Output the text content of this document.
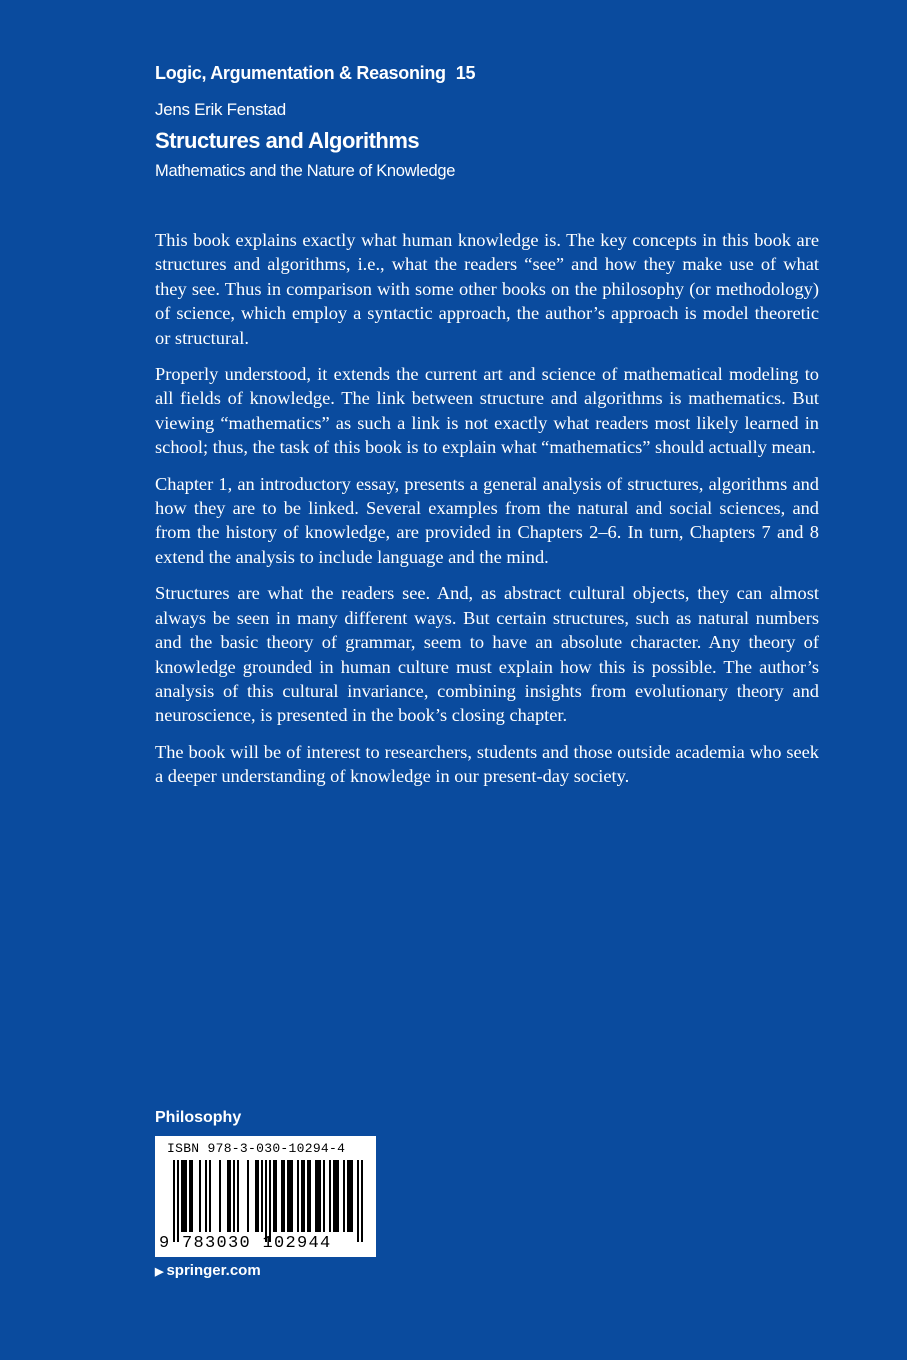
Logic, Argumentation & Reasoning 15
Jens Erik Fenstad
Structures and Algorithms
Mathematics and the Nature of Knowledge

This book explains exactly what human knowledge is. The key concepts in this book are structures and algorithms, i.e., what the readers “see” and how they make use of what they see. Thus in comparison with some other books on the philosophy (or methodology) of science, which employ a syntactic approach, the author’s approach is model theoretic or structural.

Properly understood, it extends the current art and science of mathematical modeling to all fields of knowledge. The link between structure and algorithms is mathematics. But viewing “mathematics” as such a link is not exactly what readers most likely learned in school; thus, the task of this book is to explain what “mathematics” should actually mean.

Chapter 1, an introductory essay, presents a general analysis of structures, algorithms and how they are to be linked. Several examples from the natural and social sciences, and from the history of knowledge, are provided in Chapters 2–6. In turn, Chapters 7 and 8 extend the analysis to include language and the mind.

Structures are what the readers see. And, as abstract cultural objects, they can almost always be seen in many different ways. But certain structures, such as natural numbers and the basic theory of grammar, seem to have an absolute character. Any theory of knowledge grounded in human culture must explain how this is possible. The author’s analysis of this cultural invariance, combining insights from evolutionary theory and neuroscience, is presented in the book’s closing chapter.

The book will be of interest to researchers, students and those outside academia who seek a deeper understanding of knowledge in our present-day society.

Philosophy
ISBN 978-3-030-10294-4
9 783030 102944
▶ springer.com
